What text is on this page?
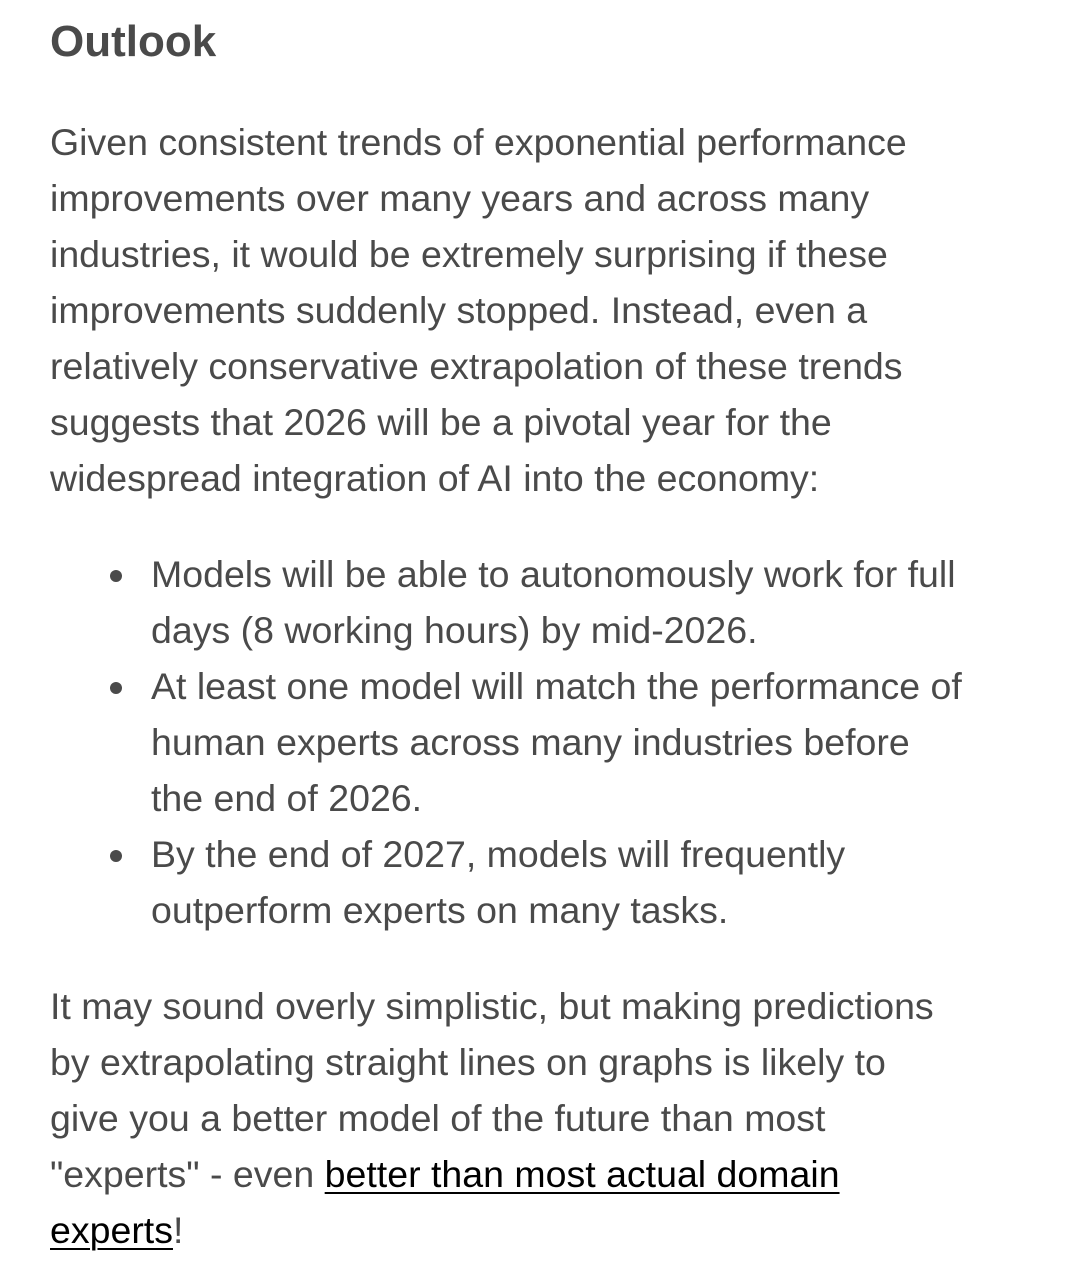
Outlook

Given consistent trends of exponential performance
improvements over many years and across many
industries, it would be extremely surprising if these
improvements suddenly stopped. Instead, even a
relatively conservative extrapolation of these trends
suggests that 2026 will be a pivotal year for the
widespread integration of AI into the economy:

Models will be able to autonomously work for full
days (8 working hours) by mid-2026.
At least one model will match the performance of
human experts across many industries before
the end of 2026.
By the end of 2027, models will frequently
outperform experts on many tasks.

It may sound overly simplistic, but making predictions
by extrapolating straight lines on graphs is likely to
give you a better model of the future than most
"experts" - even better than most actual domain
experts!
